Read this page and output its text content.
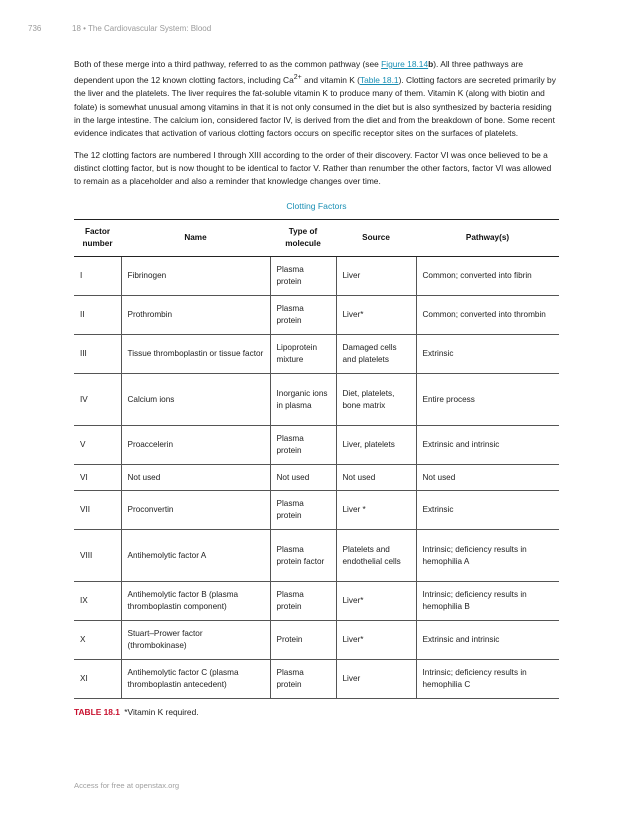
736	18 • The Cardiovascular System: Blood

Both of these merge into a third pathway, referred to as the common pathway (see Figure 18.14b). All three pathways are dependent upon the 12 known clotting factors, including $Ca^{2+}$ and vitamin K (Table 18.1). Clotting factors are secreted primarily by the liver and the platelets. The liver requires the fat-soluble vitamin K to produce many of them. Vitamin K (along with biotin and folate) is somewhat unusual among vitamins in that it is not only consumed in the diet but is also synthesized by bacteria residing in the large intestine. The calcium ion, considered factor IV, is derived from the diet and from the breakdown of bone. Some recent evidence indicates that activation of various clotting factors occurs on specific receptor sites on the surfaces of platelets.

The 12 clotting factors are numbered I through XIII according to the order of their discovery. Factor VI was once believed to be a distinct clotting factor, but is now thought to be identical to factor V. Rather than renumber the other factors, factor VI was allowed to remain as a placeholder and also a reminder that knowledge changes over time.

Clotting Factors
Factor number	Name	Type of molecule	Source	Pathway(s)
I	Fibrinogen	Plasma protein	Liver	Common; converted into fibrin
II	Prothrombin	Plasma protein	Liver*	Common; converted into thrombin
III	Tissue thromboplastin or tissue factor	Lipoprotein mixture	Damaged cells and platelets	Extrinsic
IV	Calcium ions	Inorganic ions in plasma	Diet, platelets, bone matrix	Entire process
V	Proaccelerin	Plasma protein	Liver, platelets	Extrinsic and intrinsic
VI	Not used	Not used	Not used	Not used
VII	Proconvertin	Plasma protein	Liver *	Extrinsic
VIII	Antihemolytic factor A	Plasma protein factor	Platelets and endothelial cells	Intrinsic; deficiency results in hemophilia A
IX	Antihemolytic factor B (plasma thromboplastin component)	Plasma protein	Liver*	Intrinsic; deficiency results in hemophilia B
X	Stuart–Prower factor (thrombokinase)	Protein	Liver*	Extrinsic and intrinsic
XI	Antihemolytic factor C (plasma thromboplastin antecedent)	Plasma protein	Liver	Intrinsic; deficiency results in hemophilia C
TABLE 18.1 *Vitamin K required.
Access for free at openstax.org
